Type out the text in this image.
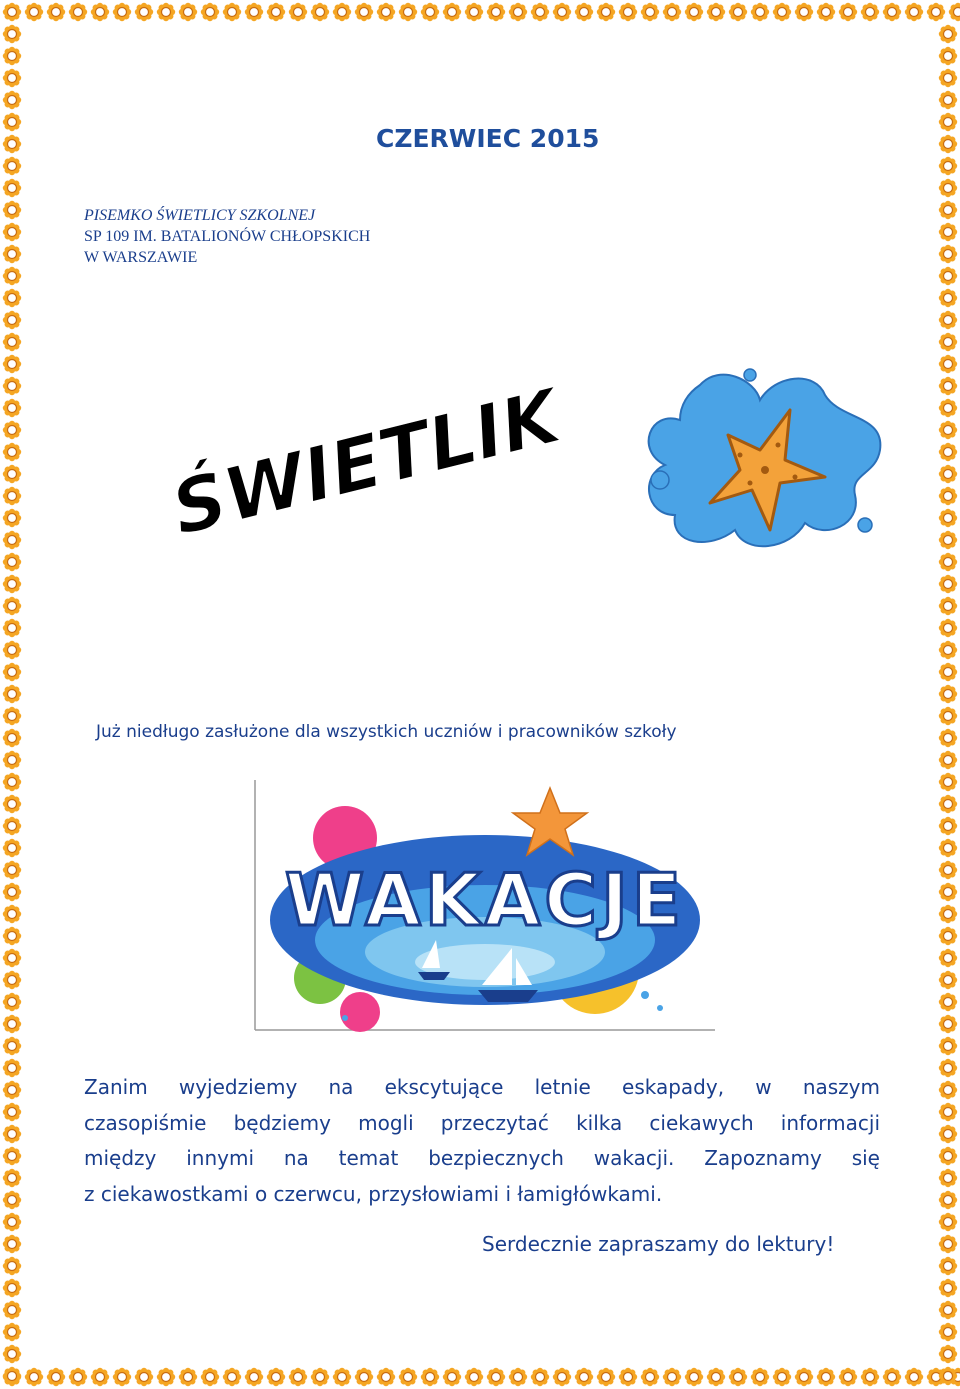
CZERWIEC 2015
PISEMKO ŚWIETLICY SZKOLNEJ
SP 109 IM. BATALIONÓW CHŁOPSKICH
W WARSZAWIE
ŚWIETLIK
Już niedługo zasłużone dla wszystkich uczniów i pracowników szkoły
WAKACJE
Zanim wyjedziemy na ekscytujące letnie eskapady, w naszym
czasopiśmie będziemy mogli przeczytać kilka ciekawych informacji
między innymi na temat bezpiecznych wakacji. Zapoznamy się
z ciekawostkami o czerwcu, przysłowiami i łamigłówkami.
Serdecznie zapraszamy do lektury!
